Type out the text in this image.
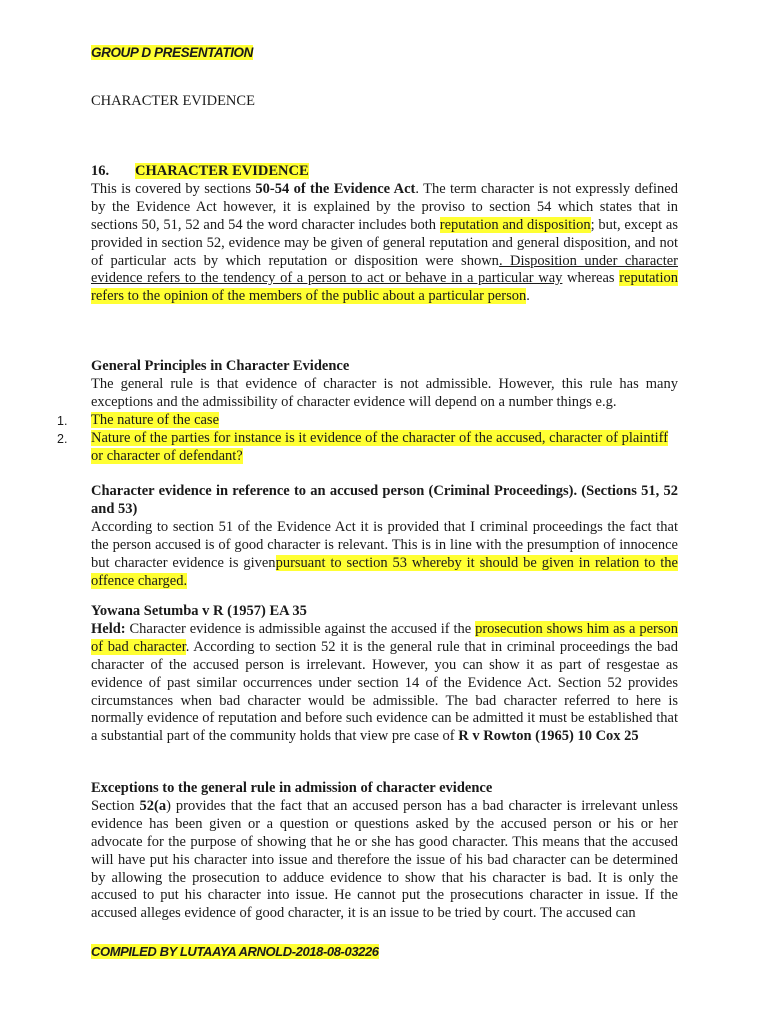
GROUP D PRESENTATION
CHARACTER EVIDENCE
16. CHARACTER EVIDENCE

This is covered by sections 50-54 of the Evidence Act. The term character is not expressly defined by the Evidence Act however, it is explained by the proviso to section 54 which states that in sections 50, 51, 52 and 54 the word character includes both reputation and disposition; but, except as provided in section 52, evidence may be given of general reputation and general disposition, and not of particular acts by which reputation or disposition were shown. Disposition under character evidence refers to the tendency of a person to act or behave in a particular way whereas reputation refers to the opinion of the members of the public about a particular person.

General Principles in Character Evidence

The general rule is that evidence of character is not admissible. However, this rule has many exceptions and the admissibility of character evidence will depend on a number things e.g.

1. The nature of the case
2. Nature of the parties for instance is it evidence of the character of the accused, character of plaintiff or character of defendant?

Character evidence in reference to an accused person (Criminal Proceedings). (Sections 51, 52 and 53)

According to section 51 of the Evidence Act it is provided that I criminal proceedings the fact that the person accused is of good character is relevant. This is in line with the presumption of innocence but character evidence is givenpursuant to section 53 whereby it should be given in relation to the offence charged.

Yowana Setumba v R (1957) EA 35

Held: Character evidence is admissible against the accused if the prosecution shows him as a person of bad character. According to section 52 it is the general rule that in criminal proceedings the bad character of the accused person is irrelevant. However, you can show it as part of resgestae as evidence of past similar occurrences under section 14 of the Evidence Act. Section 52 provides circumstances when bad character would be admissible. The bad character referred to here is normally evidence of reputation and before such evidence can be admitted it must be established that a substantial part of the community holds that view pre case of R v Rowton (1965) 10 Cox 25

Exceptions to the general rule in admission of character evidence

Section 52(a) provides that the fact that an accused person has a bad character is irrelevant unless evidence has been given or a question or questions asked by the accused person or his or her advocate for the purpose of showing that he or she has good character. This means that the accused will have put his character into issue and therefore the issue of his bad character can be determined by allowing the prosecution to adduce evidence to show that his character is bad. It is only the accused to put his character into issue. He cannot put the prosecutions character in issue. If the accused alleges evidence of good character, it is an issue to be tried by court. The accused can

COMPILED BY LUTAAYA ARNOLD-2018-08-03226
